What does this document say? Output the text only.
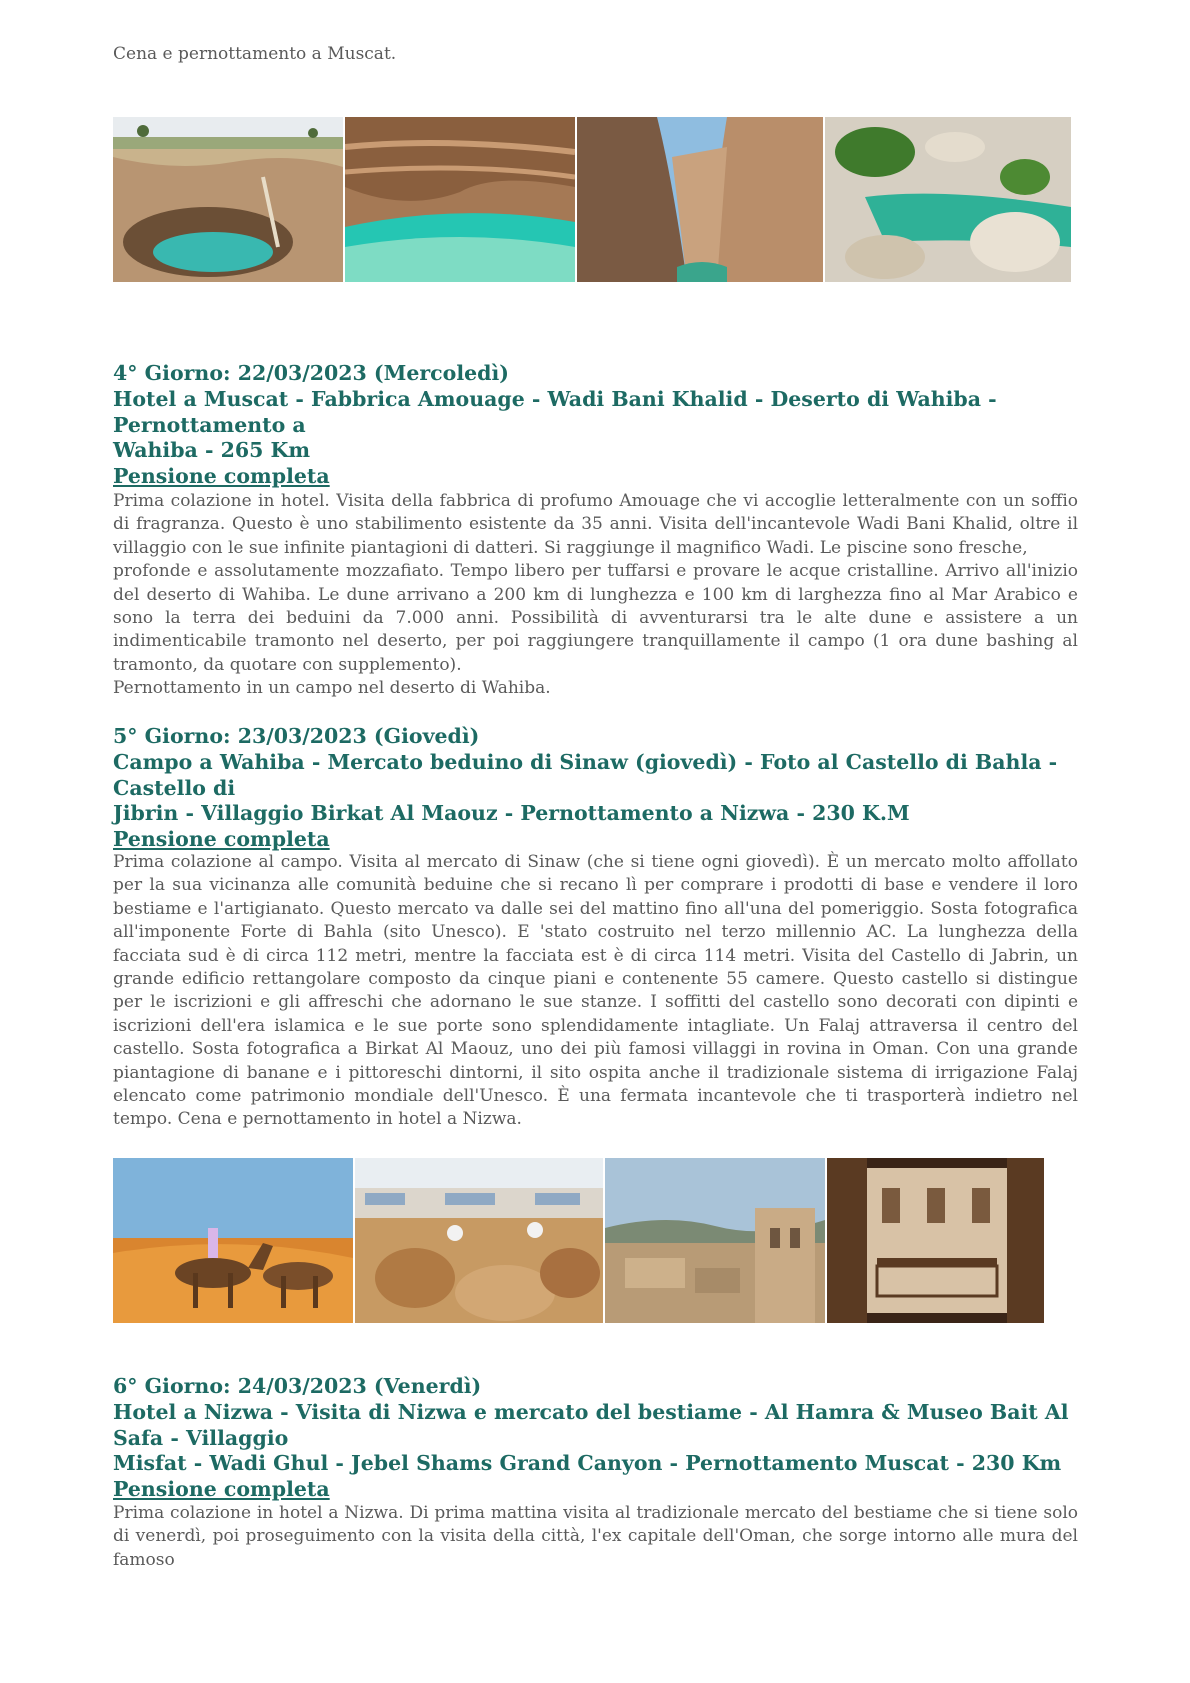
Cena e pernottamento a Muscat.
4° Giorno: 22/03/2023 (Mercoledì)
Hotel a Muscat - Fabbrica Amouage - Wadi Bani Khalid - Deserto di Wahiba - Pernottamento a
Wahiba - 265 Km
Pensione completa
Prima colazione in hotel. Visita della fabbrica di profumo Amouage che vi accoglie letteralmente con un soffio di fragranza. Questo è uno stabilimento esistente da 35 anni. Visita dell'incantevole Wadi Bani Khalid, oltre il villaggio con le sue infinite piantagioni di datteri. Si raggiunge il magnifico Wadi. Le piscine sono fresche,
profonde e assolutamente mozzafiato. Tempo libero per tuffarsi e provare le acque cristalline. Arrivo all'inizio del deserto di Wahiba. Le dune arrivano a 200 km di lunghezza e 100 km di larghezza fino al Mar Arabico e sono la terra dei beduini da 7.000 anni. Possibilità di avventurarsi tra le alte dune e assistere a un indimenticabile tramonto nel deserto, per poi raggiungere tranquillamente il campo (1 ora dune bashing al tramonto, da quotare con supplemento).
Pernottamento in un campo nel deserto di Wahiba.
5° Giorno: 23/03/2023 (Giovedì)
Campo a Wahiba - Mercato beduino di Sinaw (giovedì) - Foto al Castello di Bahla - Castello di
Jibrin - Villaggio Birkat Al Maouz - Pernottamento a Nizwa - 230 K.M
Pensione completa
Prima colazione al campo. Visita al mercato di Sinaw (che si tiene ogni giovedì). È un mercato molto affollato per la sua vicinanza alle comunità beduine che si recano lì per comprare i prodotti di base e vendere il loro bestiame e l'artigianato. Questo mercato va dalle sei del mattino fino all'una del pomeriggio. Sosta fotografica all'imponente Forte di Bahla (sito Unesco). E 'stato costruito nel terzo millennio AC. La lunghezza della facciata sud è di circa 112 metri, mentre la facciata est è di circa 114 metri. Visita del Castello di Jabrin, un grande edificio rettangolare composto da cinque piani e contenente 55 camere. Questo castello si distingue per le iscrizioni e gli affreschi che adornano le sue stanze. I soffitti del castello sono decorati con dipinti e iscrizioni dell'era islamica e le sue porte sono splendidamente intagliate. Un Falaj attraversa il centro del castello. Sosta fotografica a Birkat Al Maouz, uno dei più famosi villaggi in rovina in Oman. Con una grande piantagione di banane e i pittoreschi dintorni, il sito ospita anche il tradizionale sistema di irrigazione Falaj elencato come patrimonio mondiale dell'Unesco. È una fermata incantevole che ti trasporterà indietro nel tempo. Cena e pernottamento in hotel a Nizwa.
6° Giorno: 24/03/2023 (Venerdì)
Hotel a Nizwa - Visita di Nizwa e mercato del bestiame - Al Hamra & Museo Bait Al Safa - Villaggio
Misfat - Wadi Ghul - Jebel Shams Grand Canyon - Pernottamento Muscat - 230 Km
Pensione completa
Prima colazione in hotel a Nizwa. Di prima mattina visita al tradizionale mercato del bestiame che si tiene solo di venerdì, poi proseguimento con la visita della città, l'ex capitale dell'Oman, che sorge intorno alle mura del famoso
